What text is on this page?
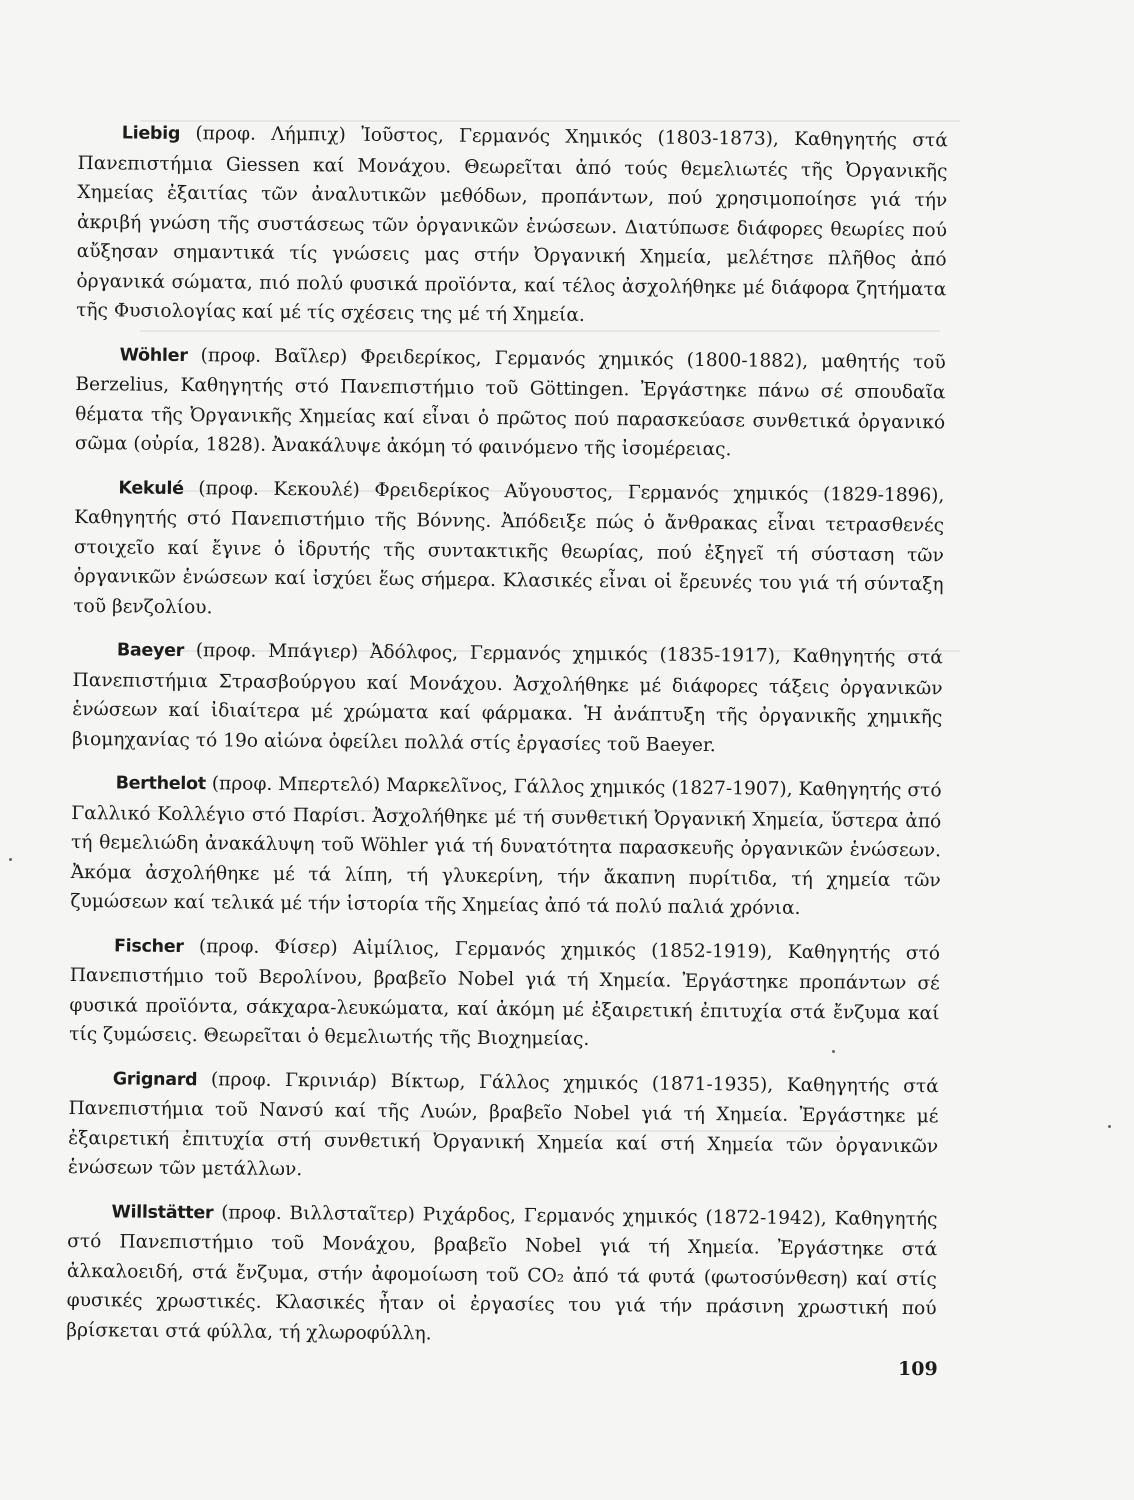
Liebig (προφ. Λήμπιχ) Ἰοῦστος, Γερμανός Χημικός (1803-1873), Καθηγητής στά Πανεπιστήμια Giessen καί Μονάχου. Θεωρεῖται ἀπό τούς θεμελιωτές τῆς Ὀργανικῆς Χημείας ἐξαιτίας τῶν ἀναλυτικῶν μεθόδων, προπάντων, πού χρησιμοποίησε γιά τήν ἀκριβή γνώση τῆς συστάσεως τῶν ὀργανικῶν ἑνώσεων. Διατύπωσε διάφορες θεωρίες πού αὔξησαν σημαντικά τίς γνώσεις μας στήν Ὀργανική Χημεία, μελέτησε πλῆθος ἀπό ὀργανικά σώματα, πιό πολύ φυσικά προϊόντα, καί τέλος ἀσχολήθηκε μέ διάφορα ζητήματα τῆς Φυσιολογίας καί μέ τίς σχέσεις της μέ τή Χημεία.

Wöhler (προφ. Βαῖλερ) Φρειδερίκος, Γερμανός χημικός (1800-1882), μαθητής τοῦ Berzelius, Καθηγητής στό Πανεπιστήμιο τοῦ Göttingen. Ἐργάστηκε πάνω σέ σπουδαῖα θέματα τῆς Ὀργανικῆς Χημείας καί εἶναι ὁ πρῶτος πού παρασκεύασε συνθετικά ὀργανικό σῶμα (οὐρία, 1828). Ἀνακάλυψε ἀκόμη τό φαινόμενο τῆς ἰσομέρειας.

Kekulé (προφ. Κεκουλέ) Φρειδερίκος Αὔγουστος, Γερμανός χημικός (1829-1896), Καθηγητής στό Πανεπιστήμιο τῆς Βόννης. Ἀπόδειξε πώς ὁ ἄνθρακας εἶναι τετρασθενές στοιχεῖο καί ἔγινε ὁ ἱδρυτής τῆς συντακτικῆς θεωρίας, πού ἐξηγεῖ τή σύσταση τῶν ὀργανικῶν ἑνώσεων καί ἰσχύει ἕως σήμερα. Κλασικές εἶναι οἱ ἔρευνές του γιά τή σύνταξη τοῦ βενζολίου.

Baeyer (προφ. Μπάγιερ) Ἀδόλφος, Γερμανός χημικός (1835-1917), Καθηγητής στά Πανεπιστήμια Στρασβούργου καί Μονάχου. Ἀσχολήθηκε μέ διάφορες τάξεις ὀργανικῶν ἑνώσεων καί ἰδιαίτερα μέ χρώματα καί φάρμακα. Ἡ ἀνάπτυξη τῆς ὀργανικῆς χημικῆς βιομηχανίας τό 19ο αἰώνα ὀφείλει πολλά στίς ἐργασίες τοῦ Baeyer.

Berthelot (προφ. Μπερτελό) Μαρκελῖνος, Γάλλος χημικός (1827-1907), Καθηγητής στό Γαλλικό Κολλέγιο στό Παρίσι. Ἀσχολήθηκε μέ τή συνθετική Ὀργανική Χημεία, ὕστερα ἀπό τή θεμελιώδη ἀνακάλυψη τοῦ Wöhler γιά τή δυνατότητα παρασκευῆς ὀργανικῶν ἑνώσεων. Ἀκόμα ἀσχολήθηκε μέ τά λίπη, τή γλυκερίνη, τήν ἄκαπνη πυρίτιδα, τή χημεία τῶν ζυμώσεων καί τελικά μέ τήν ἱστορία τῆς Χημείας ἀπό τά πολύ παλιά χρόνια.

Fischer (προφ. Φίσερ) Αἰμίλιος, Γερμανός χημικός (1852-1919), Καθηγητής στό Πανεπιστήμιο τοῦ Βερολίνου, βραβεῖο Nobel γιά τή Χημεία. Ἐργάστηκε προπάντων σέ φυσικά προϊόντα, σάκχαρα-λευκώματα, καί ἀκόμη μέ ἐξαιρετική ἐπιτυχία στά ἔνζυμα καί τίς ζυμώσεις. Θεωρεῖται ὁ θεμελιωτής τῆς Βιοχημείας.

Grignard (προφ. Γκρινιάρ) Βίκτωρ, Γάλλος χημικός (1871-1935), Καθηγητής στά Πανεπιστήμια τοῦ Νανσύ καί τῆς Λυών, βραβεῖο Nobel γιά τή Χημεία. Ἐργάστηκε μέ ἐξαιρετική ἐπιτυχία στή συνθετική Ὀργανική Χημεία καί στή Χημεία τῶν ὀργανικῶν ἑνώσεων τῶν μετάλλων.

Willstätter (προφ. Βιλλσταῖτερ) Ριχάρδος, Γερμανός χημικός (1872-1942), Καθηγητής στό Πανεπιστήμιο τοῦ Μονάχου, βραβεῖο Nobel γιά τή Χημεία. Ἐργάστηκε στά ἀλκαλοειδή, στά ἔνζυμα, στήν ἀφομοίωση τοῦ CO₂ ἀπό τά φυτά (φωτοσύνθεση) καί στίς φυσικές χρωστικές. Κλασικές ἦταν οἱ ἐργασίες του γιά τήν πράσινη χρωστική πού βρίσκεται στά φύλλα, τή χλωροφύλλη.

109
